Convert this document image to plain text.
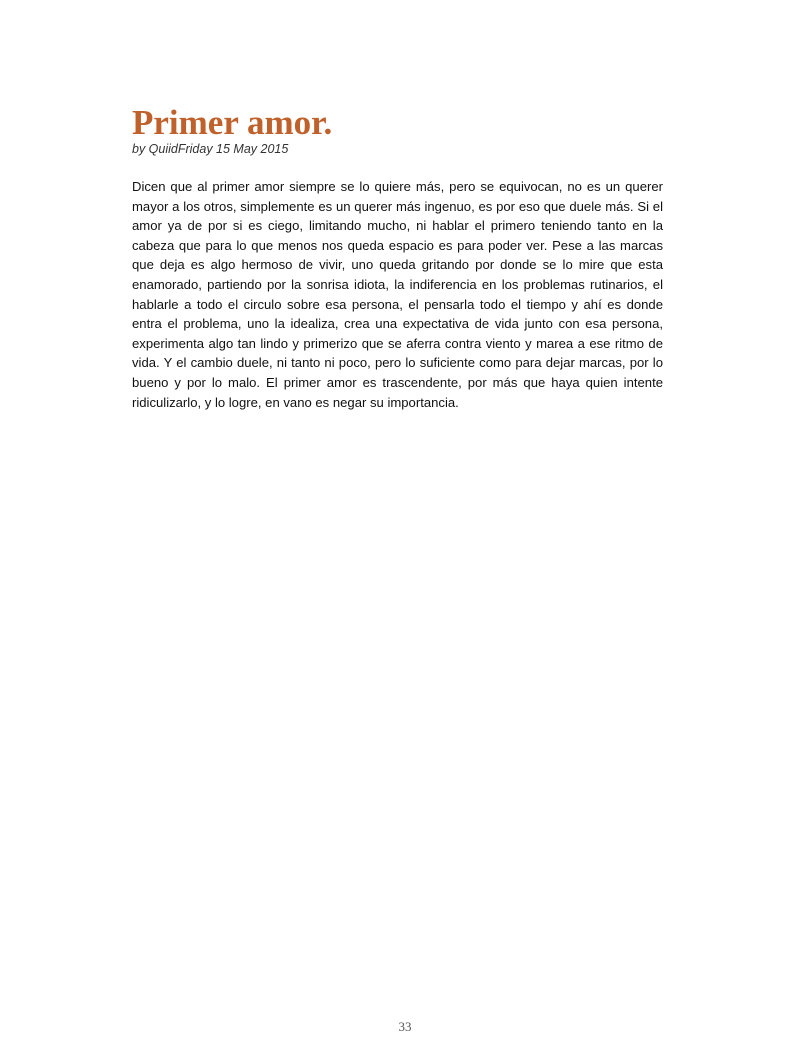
Primer amor.
by QuiidFriday 15 May 2015

Dicen que al primer amor siempre se lo quiere más, pero se equivocan, no es un querer mayor a los otros, simplemente es un querer más ingenuo, es por eso que duele más. Si el amor ya de por si es ciego, limitando mucho, ni hablar el primero teniendo tanto en la cabeza que para lo que menos nos queda espacio es para poder ver. Pese a las marcas que deja es algo hermoso de vivir, uno queda gritando por donde se lo mire que esta enamorado, partiendo por la sonrisa idiota, la indiferencia en los problemas rutinarios, el hablarle a todo el circulo sobre esa persona, el pensarla todo el tiempo y ahí es donde entra el problema, uno la idealiza, crea una expectativa de vida junto con esa persona, experimenta algo tan lindo y primerizo que se aferra contra viento y marea a ese ritmo de vida. Y el cambio duele, ni tanto ni poco, pero lo suficiente como para dejar marcas, por lo bueno y por lo malo. El primer amor es trascendente, por más que haya quien intente ridiculizarlo, y lo logre, en vano es negar su importancia.

33
